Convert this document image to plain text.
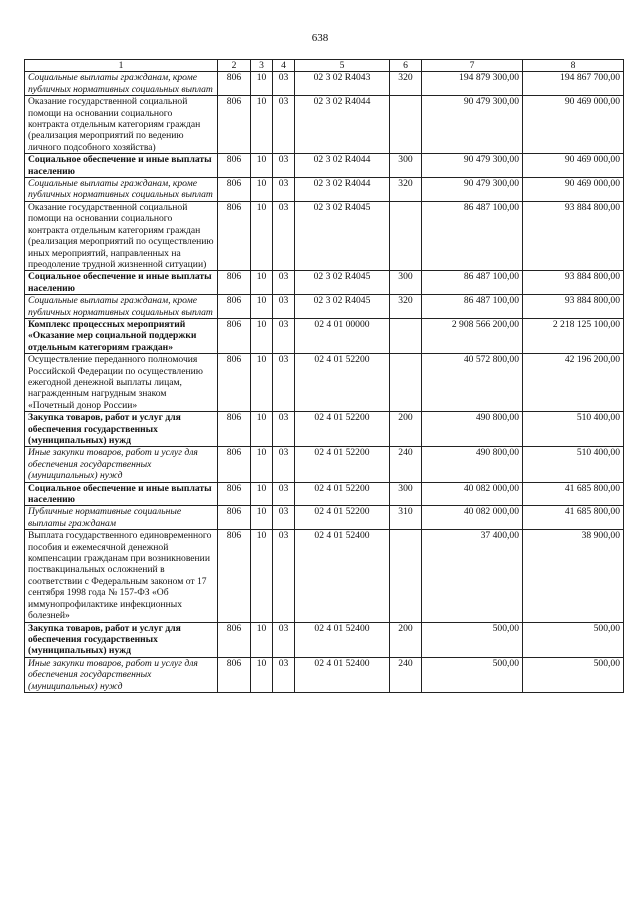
638
1	2	3	4	5	6	7	8
Социальные выплаты гражданам, кроме публичных нормативных социальных выплат	806	10	03	02 3 02 R4043	320	194 879 300,00	194 867 700,00
Оказание государственной социальной помощи на основании социального контракта отдельным категориям граждан (реализация мероприятий по ведению личного подсобного хозяйства)	806	10	03	02 3 02 R4044		90 479 300,00	90 469 000,00
Социальное обеспечение и иные выплаты населению	806	10	03	02 3 02 R4044	300	90 479 300,00	90 469 000,00
Социальные выплаты гражданам, кроме публичных нормативных социальных выплат	806	10	03	02 3 02 R4044	320	90 479 300,00	90 469 000,00
Оказание государственной социальной помощи на основании социального контракта отдельным категориям граждан (реализация мероприятий по осуществлению иных мероприятий, направленных на преодоление трудной жизненной ситуации)	806	10	03	02 3 02 R4045		86 487 100,00	93 884 800,00
Социальное обеспечение и иные выплаты населению	806	10	03	02 3 02 R4045	300	86 487 100,00	93 884 800,00
Социальные выплаты гражданам, кроме публичных нормативных социальных выплат	806	10	03	02 3 02 R4045	320	86 487 100,00	93 884 800,00
Комплекс процессных мероприятий «Оказание мер социальной поддержки отдельным категориям граждан»	806	10	03	02 4 01 00000		2 908 566 200,00	2 218 125 100,00
Осуществление переданного полномочия Российской Федерации по осуществлению ежегодной денежной выплаты лицам, награжденным нагрудным знаком «Почетный донор России»	806	10	03	02 4 01 52200		40 572 800,00	42 196 200,00
Закупка товаров, работ и услуг для обеспечения государственных (муниципальных) нужд	806	10	03	02 4 01 52200	200	490 800,00	510 400,00
Иные закупки товаров, работ и услуг для обеспечения государственных (муниципальных) нужд	806	10	03	02 4 01 52200	240	490 800,00	510 400,00
Социальное обеспечение и иные выплаты населению	806	10	03	02 4 01 52200	300	40 082 000,00	41 685 800,00
Публичные нормативные социальные выплаты гражданам	806	10	03	02 4 01 52200	310	40 082 000,00	41 685 800,00
Выплата государственного единовременного пособия и ежемесячной денежной компенсации гражданам при возникновении поствакцинальных осложнений в соответствии с Федеральным законом от 17 сентября 1998 года № 157-ФЗ «Об иммунопрофилактике инфекционных болезней»	806	10	03	02 4 01 52400		37 400,00	38 900,00
Закупка товаров, работ и услуг для обеспечения государственных (муниципальных) нужд	806	10	03	02 4 01 52400	200	500,00	500,00
Иные закупки товаров, работ и услуг для обеспечения государственных (муниципальных) нужд	806	10	03	02 4 01 52400	240	500,00	500,00
